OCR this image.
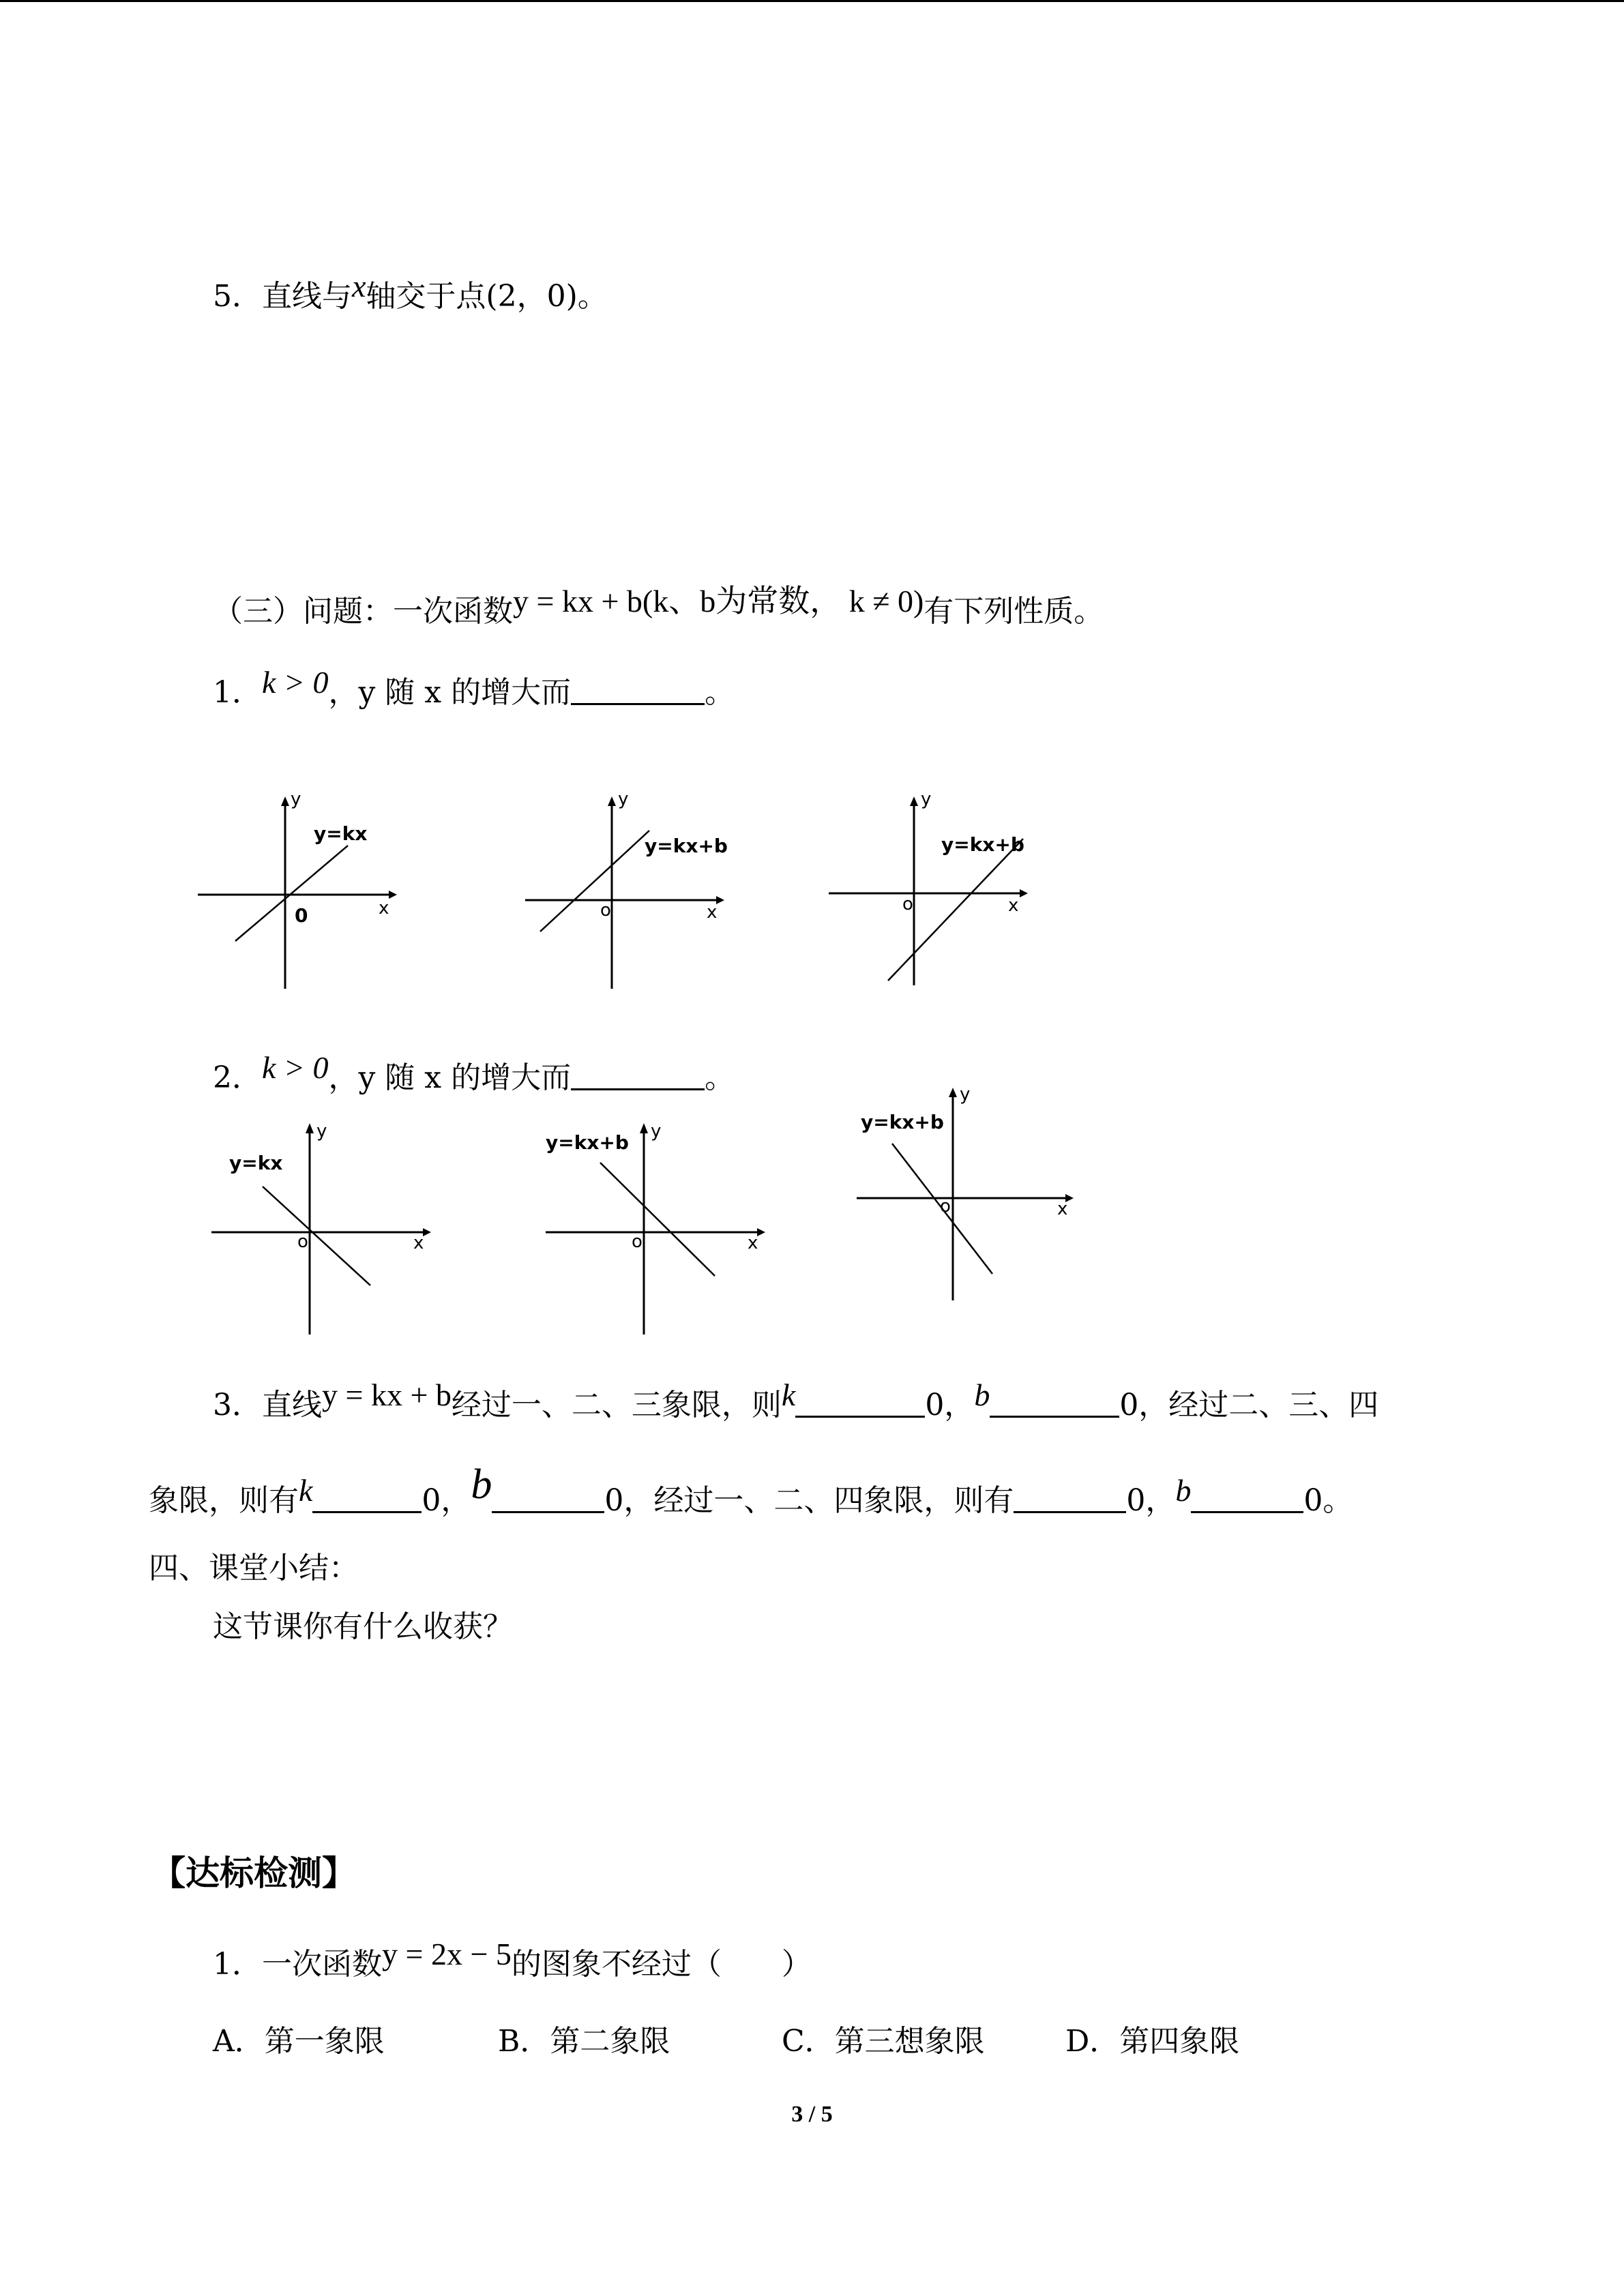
5．直线与x轴交于点(2，0)。
（三）问题：一次函数y = kx + b(k、b为常数， k ≠ 0)有下列性质。
1．k > 0，y 随 x 的增大而	。
y
x
0
y=kx
y
x
o
y=kx+b
y
x
o
y=kx+b
2．k > 0，y 随 x 的增大而	。
y
x
o
y=kx
y
x
o
y=kx+b
y
x
o
y=kx+b
3．直线y = kx + b经过一、二、三象限，则k	0，b	0，经过二、三、四
象限，则有k	0，b	0，经过一、二、四象限，则有	0，b	0。
四、课堂小结：
这节课你有什么收获？
【达标检测】
1．一次函数y = 2x − 5的图象不经过（　　）
A．第一象限	B．第二象限	C．第三想象限	D．第四象限
3 / 5
